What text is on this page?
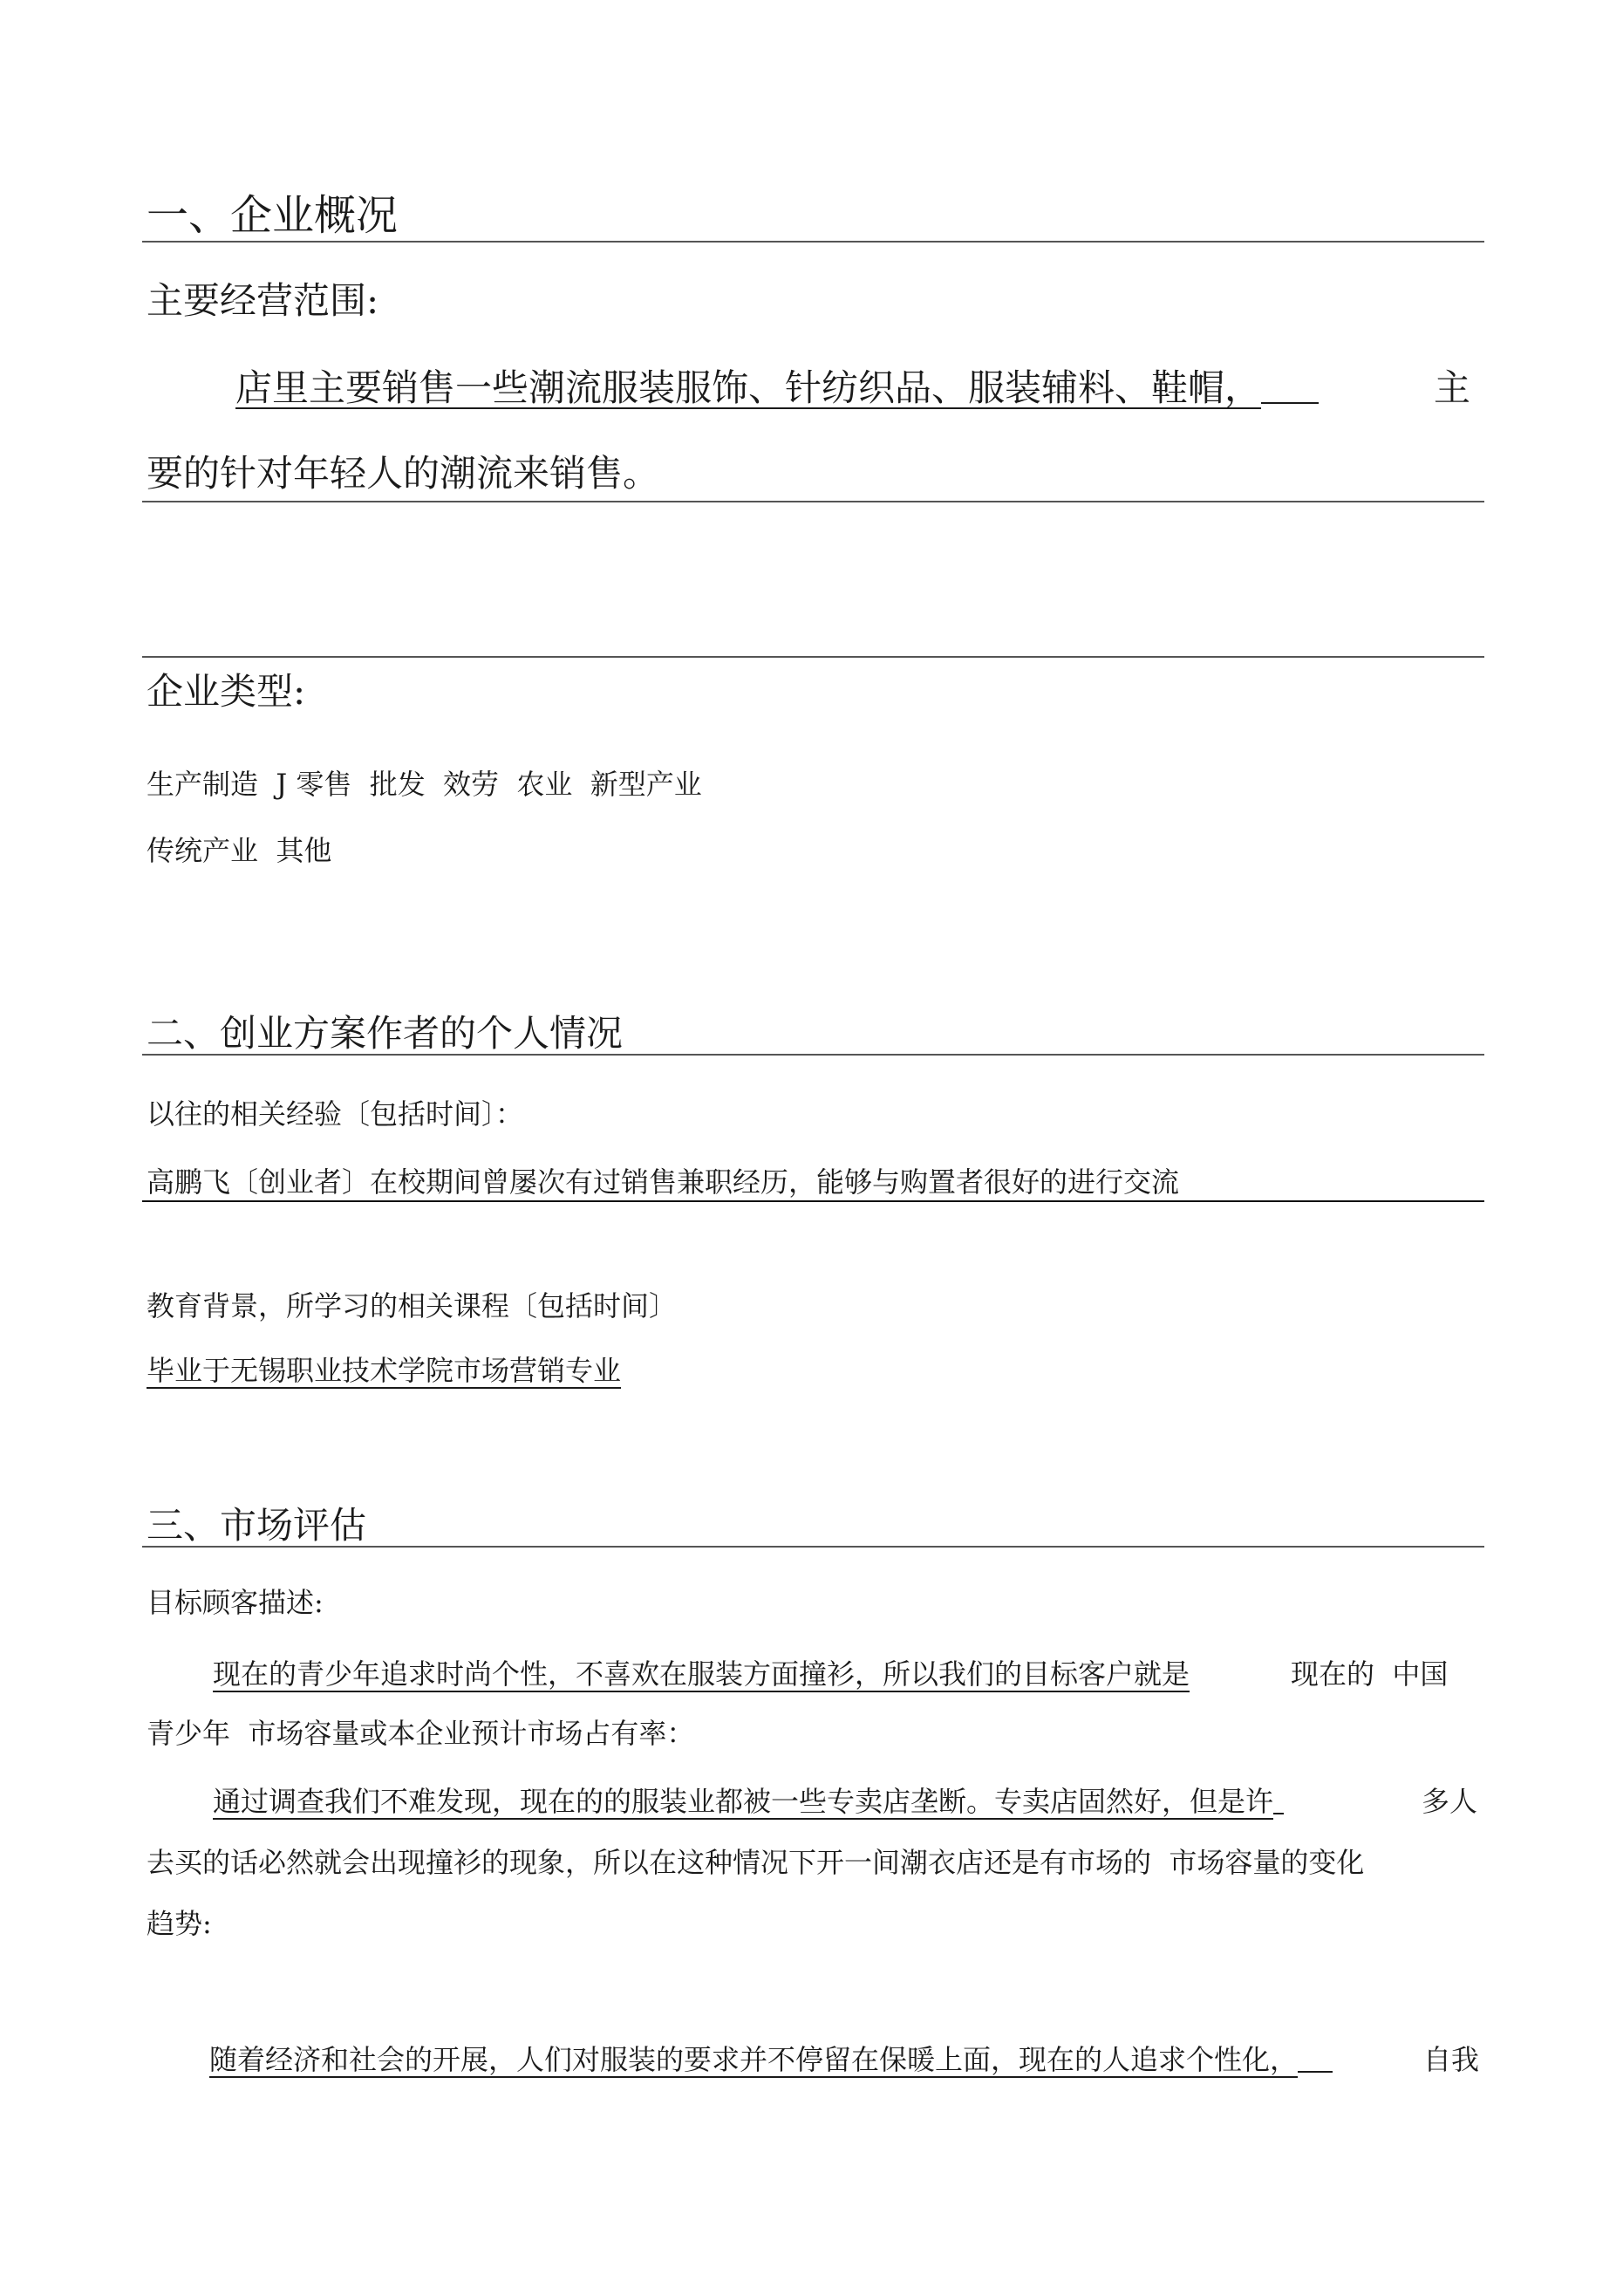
一、企业概况
主要经营范围:
店里主要销售一些潮流服装服饰、针纺织品、服装辅料、鞋帽，	主
要的针对年轻人的潮流来销售。
企业类型:
生产制造  J 零售  批发  效劳  农业  新型产业
传统产业  其他
二、创业方案作者的个人情况
以往的相关经验〔包括时间〕：
高鹏飞〔创业者〕在校期间曾屡次有过销售兼职经历，能够与购置者很好的进行交流
教育背景，所学习的相关课程〔包括时间〕
毕业于无锡职业技术学院市场营销专业
三、市场评估
目标顾客描述:
现在的青少年追求时尚个性，不喜欢在服装方面撞衫，所以我们的目标客户就是	现在的  中国
青少年  市场容量或本企业预计市场占有率：
通过调查我们不难发现，现在的的服装业都被一些专卖店垄断。专卖店固然好，但是许	多人
去买的话必然就会出现撞衫的现象，所以在这种情况下开一间潮衣店还是有市场的  市场容量的变化
趋势:
随着经济和社会的开展，人们对服装的要求并不停留在保暖上面，现在的人追求个性化，	自我
